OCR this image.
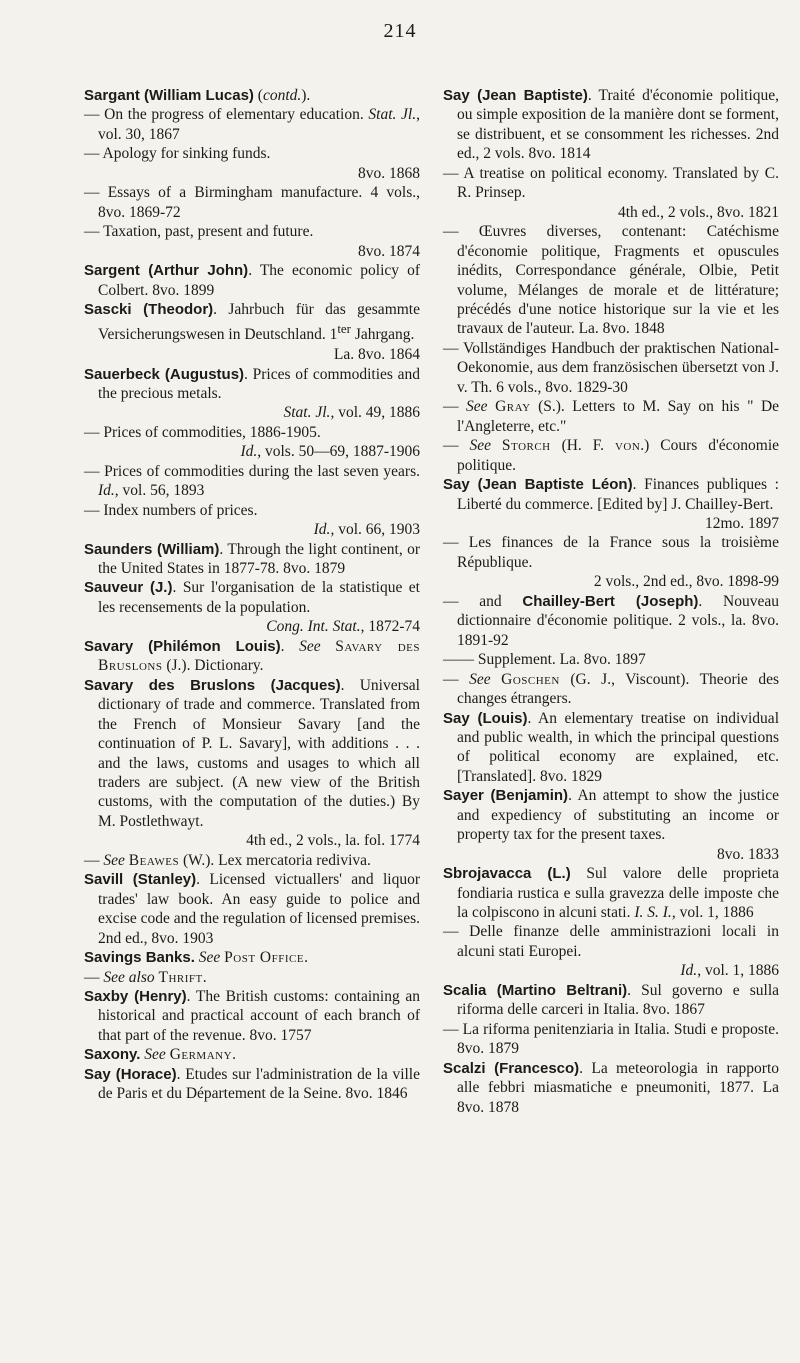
214
Sargant (William Lucas) (contd.).
— On the progress of elementary education. Stat. Jl., vol. 30, 1867
— Apology for sinking funds.
8vo. 1868
— Essays of a Birmingham manufacture. 4 vols., 8vo. 1869-72
— Taxation, past, present and future.
8vo. 1874
Sargent (Arthur John). The economic policy of Colbert. 8vo. 1899
Sascki (Theodor). Jahrbuch für das gesammte Versicherungswesen in Deutschland. $1^{ter}$ Jahrgang.
La. 8vo. 1864
Sauerbeck (Augustus). Prices of commodities and the precious metals.
Stat. Jl., vol. 49, 1886
— Prices of commodities, 1886-1905.
Id., vols. 50—69, 1887-1906
— Prices of commodities during the last seven years. Id., vol. 56, 1893
— Index numbers of prices.
Id., vol. 66, 1903
Saunders (William). Through the light continent, or the United States in 1877-78. 8vo. 1879
Sauveur (J.). Sur l'organisation de la statistique et les recensements de la population.
Cong. Int. Stat., 1872-74
Savary (Philémon Louis). See Savary des Bruslons (J.). Dictionary.
Savary des Bruslons (Jacques). Universal dictionary of trade and commerce. Translated from the French of Monsieur Savary [and the continuation of P. L. Savary], with additions . . . and the laws, customs and usages to which all traders are subject. (A new view of the British customs, with the computation of the duties.) By M. Postlethwayt.
4th ed., 2 vols., la. fol. 1774
— See Beawes (W.). Lex mercatoria rediviva.
Savill (Stanley). Licensed victuallers' and liquor trades' law book. An easy guide to police and excise code and the regulation of licensed premises. 2nd ed., 8vo. 1903
Savings Banks. See Post Office.
— See also Thrift.
Saxby (Henry). The British customs: containing an historical and practical account of each branch of that part of the revenue. 8vo. 1757
Saxony. See Germany.
Say (Horace). Etudes sur l'administration de la ville de Paris et du Département de la Seine. 8vo. 1846
Say (Jean Baptiste). Traité d'économie politique, ou simple exposition de la manière dont se forment, se distribuent, et se consomment les richesses. 2nd ed., 2 vols. 8vo. 1814
— A treatise on political economy. Translated by C. R. Prinsep.
4th ed., 2 vols., 8vo. 1821
— Œuvres diverses, contenant: Catéchisme d'économie politique, Fragments et opuscules inédits, Correspondance générale, Olbie, Petit volume, Mélanges de morale et de littérature; précédés d'une notice historique sur la vie et les travaux de l'auteur. La. 8vo. 1848
— Vollständiges Handbuch der praktischen National-Oekonomie, aus dem französischen übersetzt von J. v. Th. 6 vols., 8vo. 1829-30
— See Gray (S.). Letters to M. Say on his " De l'Angleterre, etc."
— See Storch (H. F. von.) Cours d'économie politique.
Say (Jean Baptiste Léon). Finances publiques : Liberté du commerce. [Edited by] J. Chailley-Bert.
12mo. 1897
— Les finances de la France sous la troisième République.
2 vols., 2nd ed., 8vo. 1898-99
— and Chailley-Bert (Joseph). Nouveau dictionnaire d'économie politique. 2 vols., la. 8vo. 1891-92
—— Supplement. La. 8vo. 1897
— See Goschen (G. J., Viscount). Theorie des changes étrangers.
Say (Louis). An elementary treatise on individual and public wealth, in which the principal questions of political economy are explained, etc. [Translated]. 8vo. 1829
Sayer (Benjamin). An attempt to show the justice and expediency of substituting an income or property tax for the present taxes.
8vo. 1833
Sbrojavacca (L.) Sul valore delle proprieta fondiaria rustica e sulla gravezza delle imposte che la colpiscono in alcuni stati. I. S. I., vol. 1, 1886
— Delle finanze delle amministrazioni locali in alcuni stati Europei.
Id., vol. 1, 1886
Scalia (Martino Beltrani). Sul governo e sulla riforma delle carceri in Italia. 8vo. 1867
— La riforma penitenziaria in Italia. Studi e proposte. 8vo. 1879
Scalzi (Francesco). La meteorologia in rapporto alle febbri miasmatiche e pneumoniti, 1877. La 8vo. 1878
